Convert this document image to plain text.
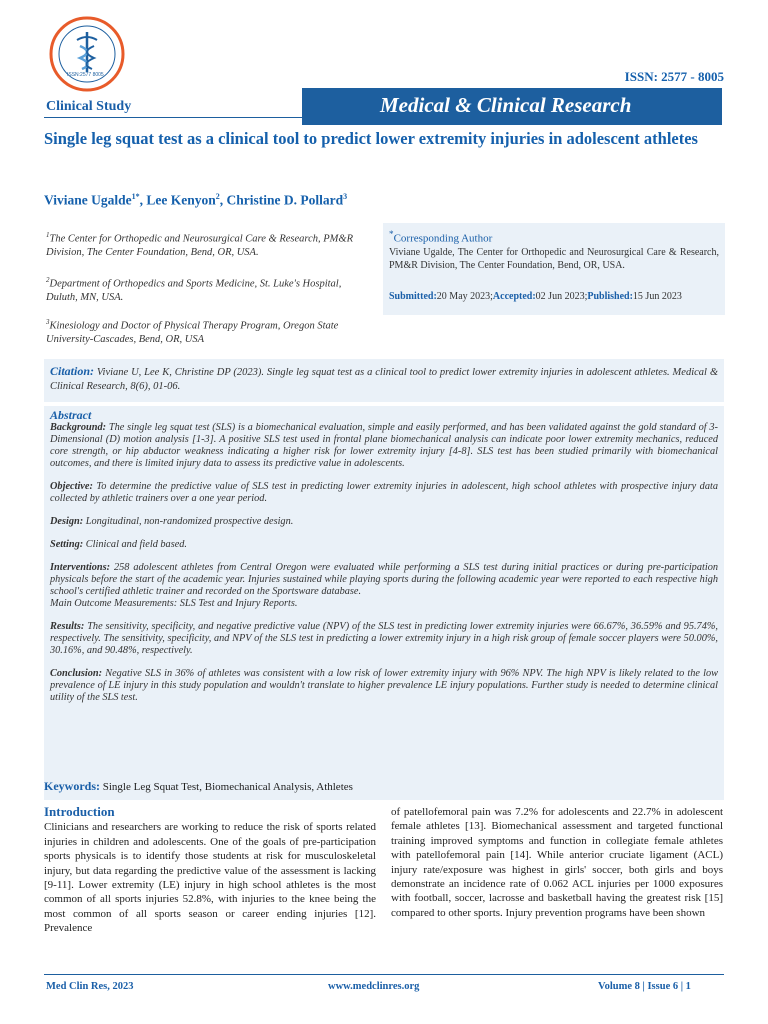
ISSN:2577 8005	ISSN: 2577 - 8005
Clinical Study	Medical & Clinical Research
Single leg squat test as a clinical tool to predict lower extremity injuries in adolescent athletes
Viviane Ugalde$^{1*}$, Lee Kenyon$^2$, Christine D. Pollard$^3$
$^1$The Center for Orthopedic and Neurosurgical Care & Research, PM&R Division, The Center Foundation, Bend, OR, USA.
$^2$Department of Orthopedics and Sports Medicine, St. Luke's Hospital, Duluth, MN, USA.
$^3$Kinesiology and Doctor of Physical Therapy Program, Oregon State University-Cascades, Bend, OR, USA
*Corresponding Author
Viviane Ugalde, The Center for Orthopedic and Neurosurgical Care & Research, PM&R Division, The Center Foundation, Bend, OR, USA.
Submitted:20 May 2023;Accepted:02 Jun 2023;Published:15 Jun 2023
Citation: Viviane U, Lee K, Christine DP (2023). Single leg squat test as a clinical tool to predict lower extremity injuries in adolescent athletes. Medical & Clinical Research, 8(6), 01-06.
Abstract
Background: The single leg squat test (SLS) is a biomechanical evaluation, simple and easily performed, and has been validated against the gold standard of 3-Dimensional (D) motion analysis [1-3]. A positive SLS test used in frontal plane biomechanical analysis can indicate poor lower extremity mechanics, reduced core strength, or hip abductor weakness indicating a higher risk for lower extremity injury [4-8]. SLS test has been studied primarily with biomechanical outcomes, and there is limited injury data to assess its predictive value in adolescents.
Objective: To determine the predictive value of SLS test in predicting lower extremity injuries in adolescent, high school athletes with prospective injury data collected by athletic trainers over a one year period.
Design: Longitudinal, non-randomized prospective design.
Setting: Clinical and field based.
Interventions: 258 adolescent athletes from Central Oregon were evaluated while performing a SLS test during initial practices or during pre-participation physicals before the start of the academic year. Injuries sustained while playing sports during the following academic year were reported to each respective high school's certified athletic trainer and recorded on the Sportsware database.
Main Outcome Measurements: SLS Test and Injury Reports.
Results: The sensitivity, specificity, and negative predictive value (NPV) of the SLS test in predicting lower extremity injuries were 66.67%, 36.59% and 95.74%, respectively. The sensitivity, specificity, and NPV of the SLS test in predicting a lower extremity injury in a high risk group of female soccer players were 50.00%, 30.16%, and 90.48%, respectively.
Conclusion: Negative SLS in 36% of athletes was consistent with a low risk of lower extremity injury with 96% NPV. The high NPV is likely related to the low prevalence of LE injury in this study population and wouldn't translate to higher prevalence LE injury populations. Further study is needed to determine clinical utility of the SLS test.
Keywords: Single Leg Squat Test, Biomechanical Analysis, Athletes
Introduction
Clinicians and researchers are working to reduce the risk of sports related injuries in children and adolescents. One of the goals of pre-participation sports physicals is to identify those students at risk for musculoskeletal injury, but data regarding the predictive value of the assessment is lacking [9-11]. Lower extremity (LE) injury in high school athletes is the most common of all sports injuries 52.8%, with injuries to the knee being the most common of all sports season or career ending injuries [12]. Prevalence
of patellofemoral pain was 7.2% for adolescents and 22.7% in adolescent female athletes [13]. Biomechanical assessment and targeted functional training improved symptoms and function in collegiate female athletes with patellofemoral pain [14]. While anterior cruciate ligament (ACL) injury rate/exposure was highest in girls' soccer, both girls and boys demonstrate an incidence rate of 0.062 ACL injuries per 1000 exposures with football, soccer, lacrosse and basketball having the greatest risk [15] compared to other sports. Injury prevention programs have been shown
Med Clin Res, 2023	www.medclinres.org	Volume 8 | Issue 6 | 1
